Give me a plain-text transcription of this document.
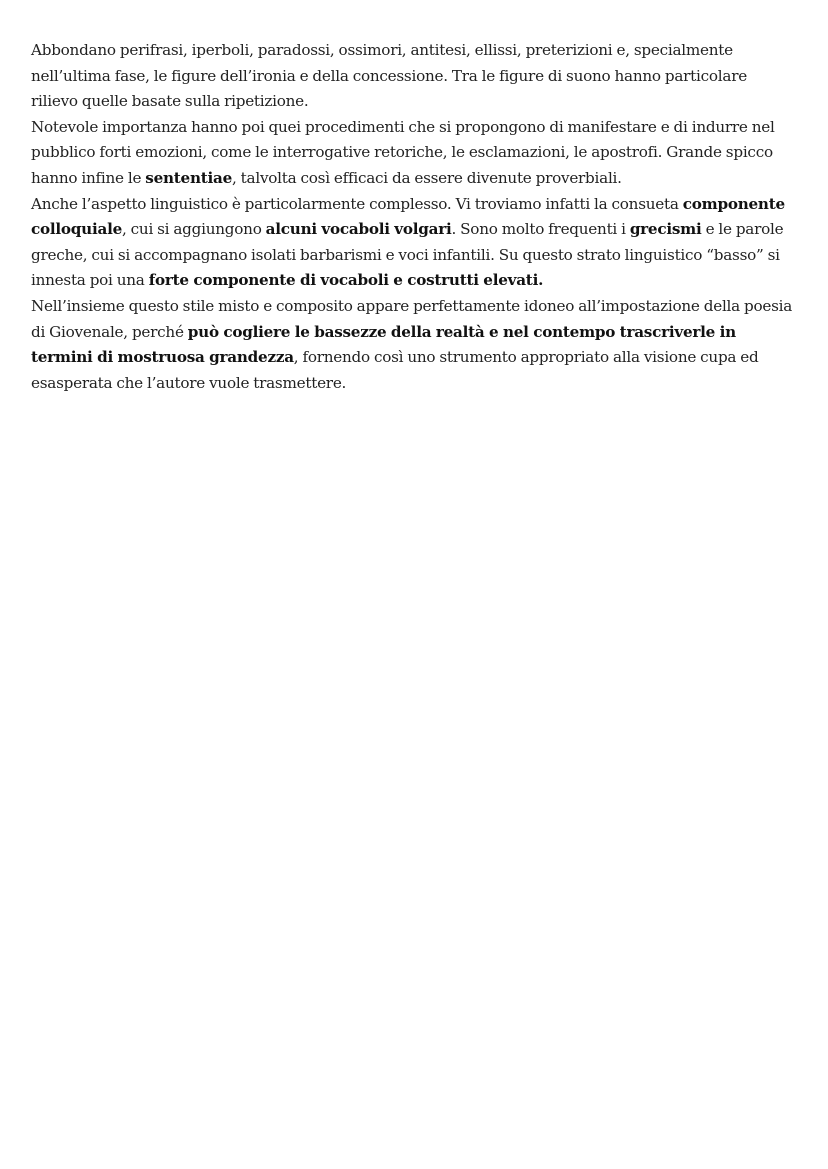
Abbondano perifrasi, iperboli, paradossi, ossimori, antitesi, ellissi, preterizioni e, specialmente nell’ultima fase, le figure dell’ironia e della concessione. Tra le figure di suono hanno particolare rilievo quelle basate sulla ripetizione.

Notevole importanza hanno poi quei procedimenti che si propongono di manifestare e di indurre nel pubblico forti emozioni, come le interrogative retoriche, le esclamazioni, le apostrofi. Grande spicco hanno infine le sententiae, talvolta così efficaci da essere divenute proverbiali.

Anche l’aspetto linguistico è particolarmente complesso. Vi troviamo infatti la consueta componente colloquiale, cui si aggiungono alcuni vocaboli volgari. Sono molto frequenti i grecismi e le parole greche, cui si accompagnano isolati barbarismi e voci infantili. Su questo strato linguistico “basso” si innesta poi una forte componente di vocaboli e costrutti elevati.

Nell’insieme questo stile misto e composito appare perfettamente idoneo all’impostazione della poesia di Giovenale, perché può cogliere le bassezze della realtà e nel contempo trascriverle in termini di mostruosa grandezza, fornendo così uno strumento appropriato alla visione cupa ed esasperata che l’autore vuole trasmettere.
